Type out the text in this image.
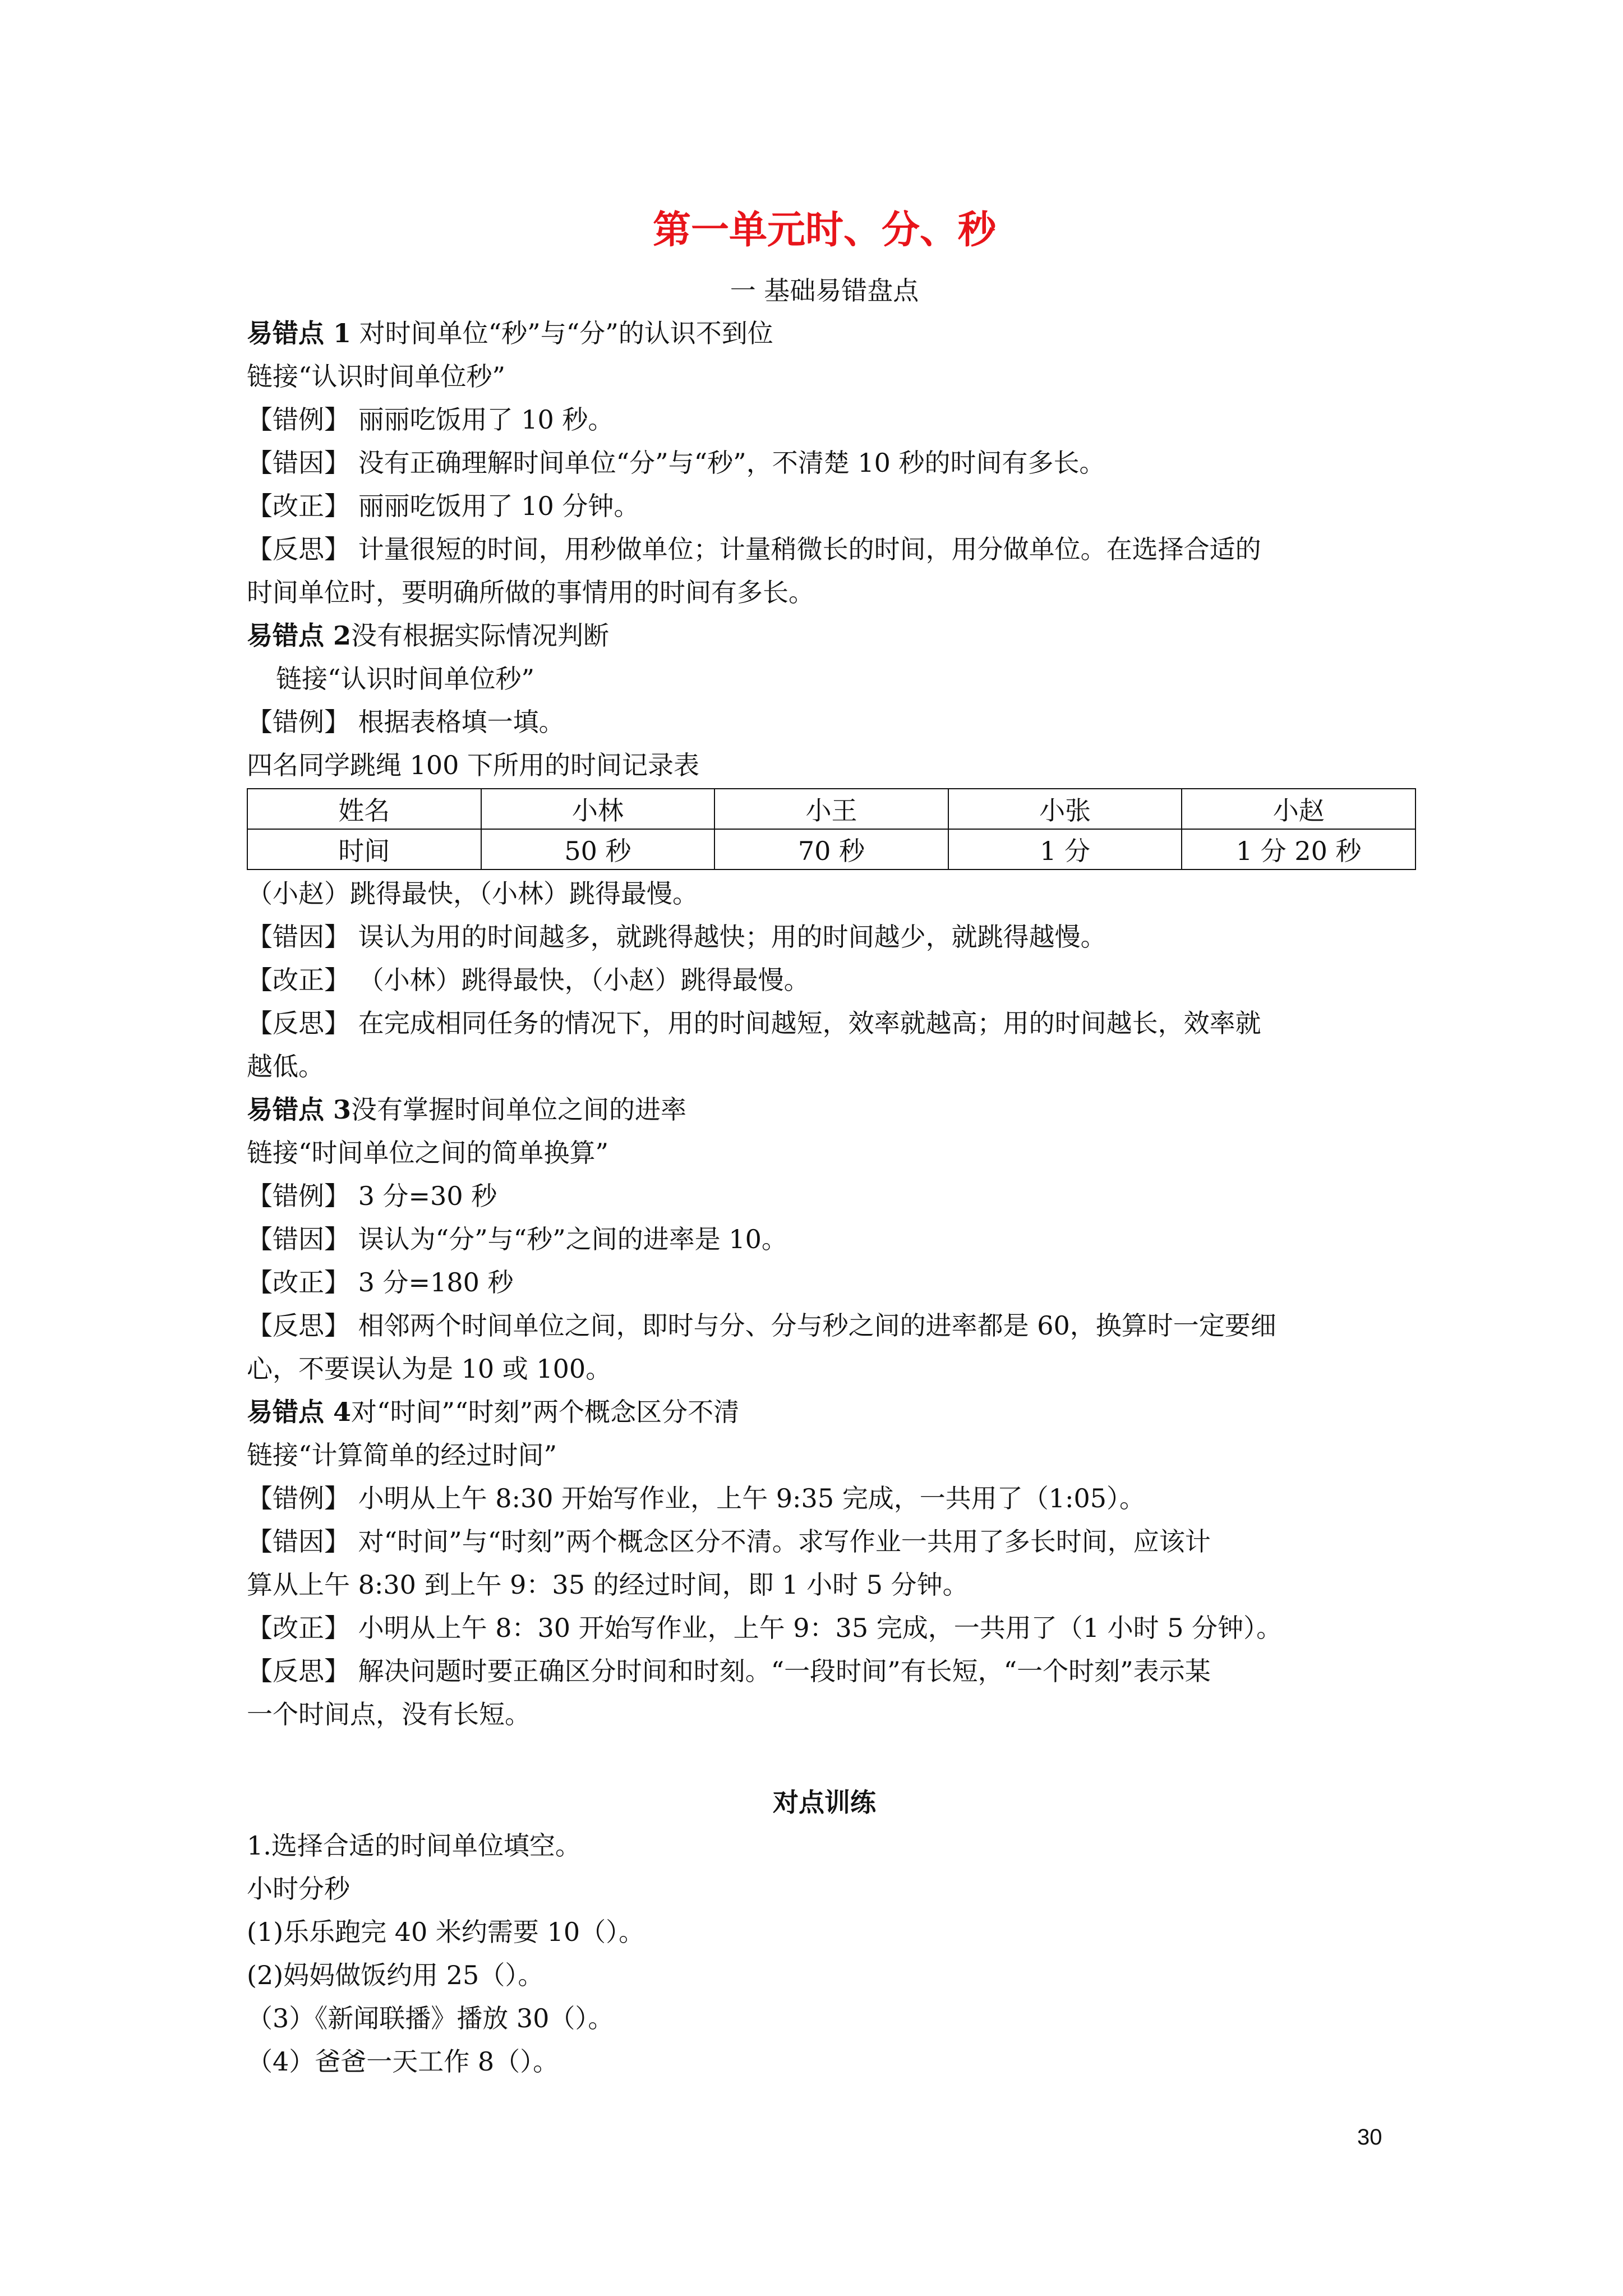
第一单元时、分、秒
一 基础易错盘点
易错点 1 对时间单位“秒”与“分”的认识不到位
链接“认识时间单位秒”
【错例】 丽丽吃饭用了 10 秒。
【错因】 没有正确理解时间单位“分”与“秒”，不清楚 10 秒的时间有多长。
【改正】 丽丽吃饭用了 10 分钟。
【反思】 计量很短的时间，用秒做单位；计量稍微长的时间，用分做单位。在选择合适的
时间单位时，要明确所做的事情用的时间有多长。
易错点 2没有根据实际情况判断
链接“认识时间单位秒”
【错例】 根据表格填一填。
四名同学跳绳 100 下所用的时间记录表
姓名	小林	小王	小张	小赵
时间	50 秒	70 秒	1 分	1 分 20 秒
（小赵）跳得最快，（小林）跳得最慢。
【错因】 误认为用的时间越多，就跳得越快；用的时间越少，就跳得越慢。
【改正】 （小林）跳得最快，（小赵）跳得最慢。
【反思】 在完成相同任务的情况下，用的时间越短，效率就越高；用的时间越长，效率就
越低。
易错点 3没有掌握时间单位之间的进率
链接“时间单位之间的简单换算”
【错例】 3 分=30 秒
【错因】 误认为“分”与“秒”之间的进率是 10。
【改正】 3 分=180 秒
【反思】 相邻两个时间单位之间，即时与分、分与秒之间的进率都是 60，换算时一定要细
心，不要误认为是 10 或 100。
易错点 4对“时间”“时刻”两个概念区分不清
链接“计算简单的经过时间”
【错例】 小明从上午 8:30 开始写作业，上午 9:35 完成，一共用了（1:05）。
【错因】 对“时间”与“时刻”两个概念区分不清。求写作业一共用了多长时间，应该计
算从上午 8:30 到上午 9：35 的经过时间，即 1 小时 5 分钟。
【改正】 小明从上午 8：30 开始写作业，上午 9：35 完成，一共用了（1 小时 5 分钟）。
【反思】 解决问题时要正确区分时间和时刻。“一段时间”有长短，“一个时刻”表示某
一个时间点，没有长短。
对点训练
1.选择合适的时间单位填空。
小时分秒
(1)乐乐跑完 40 米约需要 10（）。
(2)妈妈做饭约用 25（）。
（3）《新闻联播》播放 30（）。
（4）爸爸一天工作 8（）。
30
